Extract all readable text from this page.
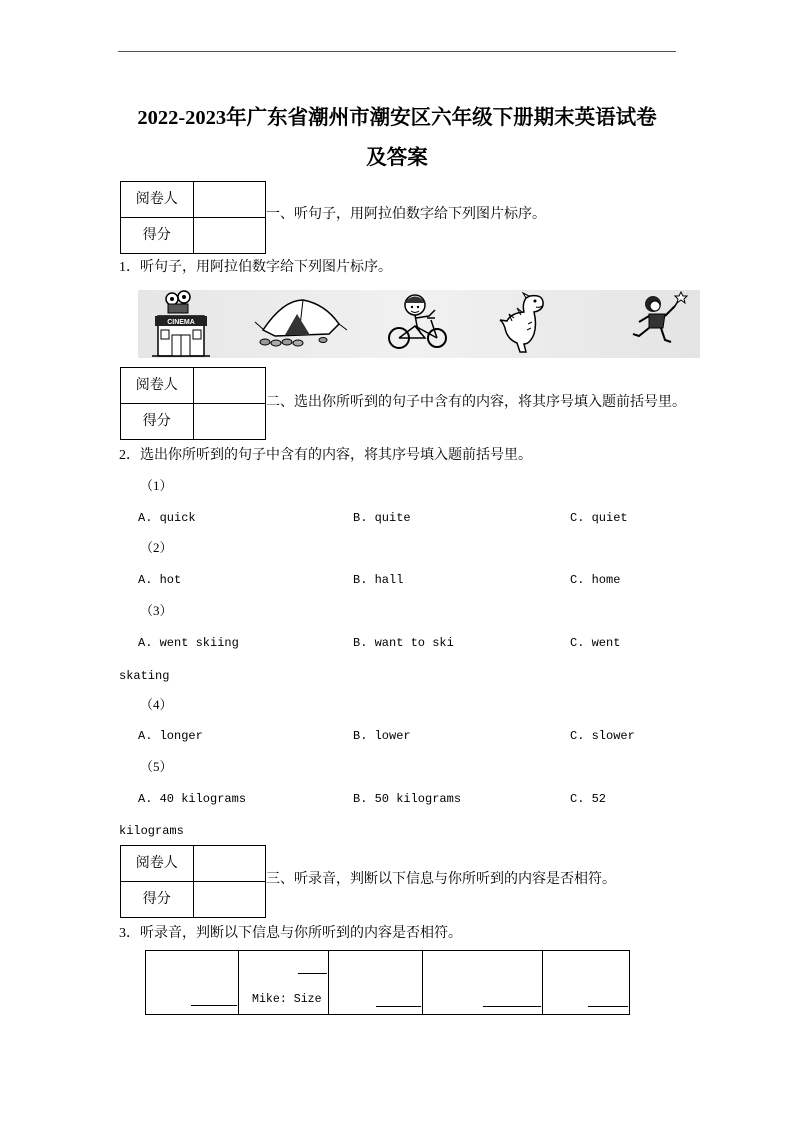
2022-2023年广东省潮州市潮安区六年级下册期末英语试卷
及答案
阅卷人	
得分	
一、听句子，用阿拉伯数字给下列图片标序。
1．听句子，用阿拉伯数字给下列图片标序。
CINEMA
阅卷人	
得分	
二、选出你所听到的句子中含有的内容，将其序号填入题前括号里。
2．选出你所听到的句子中含有的内容，将其序号填入题前括号里。
（1）
A. quick	B. quite	C. quiet
（2）
A. hot	B. hall	C. home
（3）
A. went skiing	B. want to ski	C. went
skating
（4）
A. longer	B. lower	C. slower
（5）
A. 40 kilograms	B. 50 kilograms	C. 52
kilograms
阅卷人	
得分	
三、听录音，判断以下信息与你所听到的内容是否相符。
3．听录音，判断以下信息与你所听到的内容是否相符。
Mike: Size
